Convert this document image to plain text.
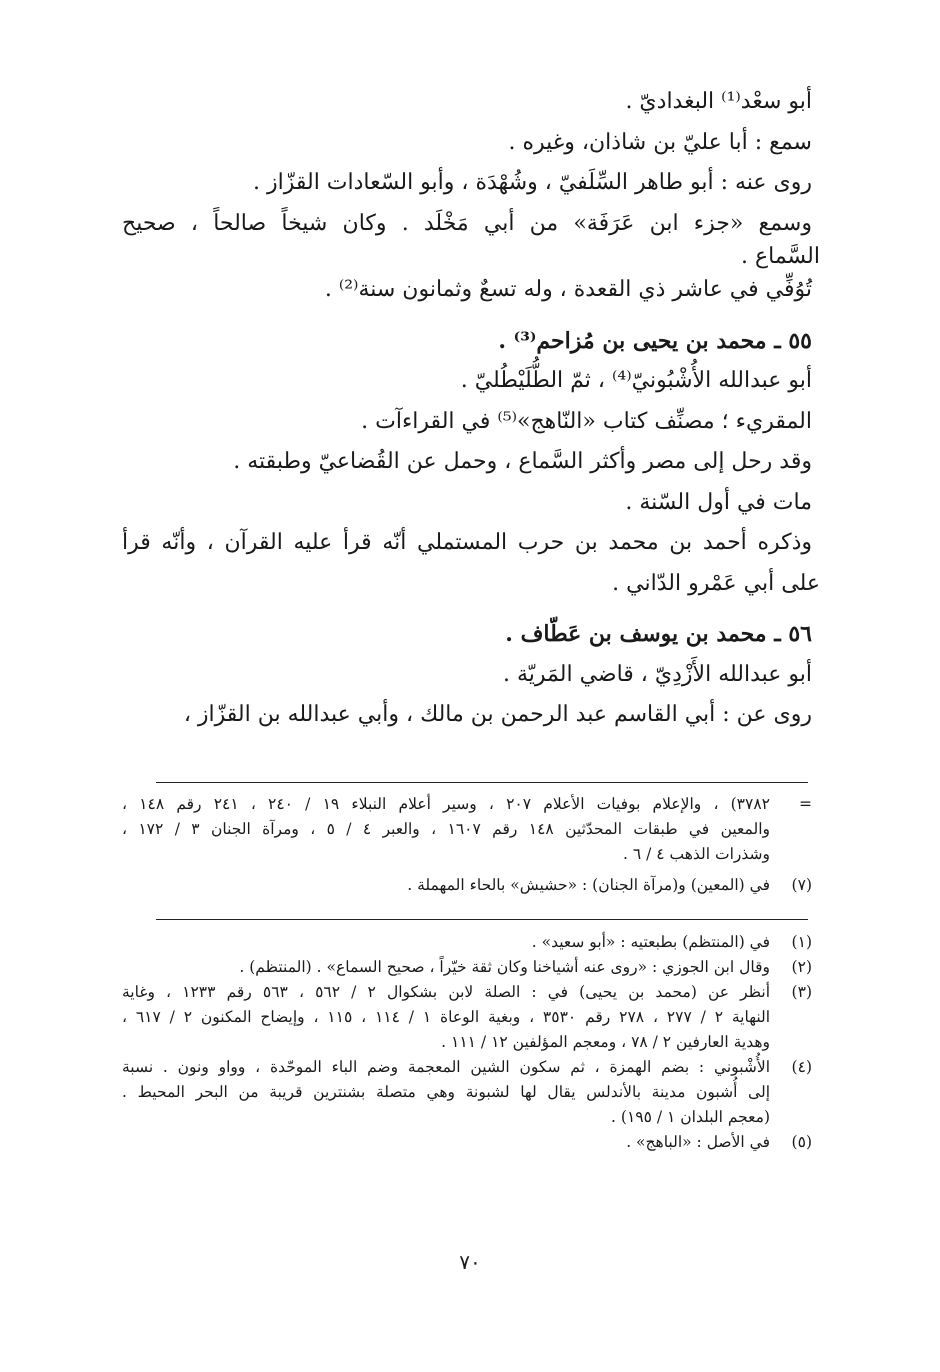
أبو سعْد⁽¹⁾ البغداديّ .
سمع : أبا عليّ بن شاذان، وغيره .
روى عنه : أبو طاهر السِّلَفيّ ، وشُهْدَة ، وأبو السّعادات القزّاز .
وسمع «جزء ابن عَرَفَة» من أبي مَخْلَد . وكان شيخاً صالحاً ، صحيح
السَّماع .
تُوُفِّي في عاشر ذي القعدة ، وله تسعٌ وثمانون سنة⁽²⁾ .
٥٥ ـ محمد بن يحيى بن مُزاحم⁽³⁾ .
أبو عبدالله الأُشْبُونيّ⁽⁴⁾ ، ثمّ الطُّلَيْطُليّ .
المقريء ؛ مصنِّف كتاب «النّاهج»⁽⁵⁾ في القراءآت .
وقد رحل إلى مصر وأكثر السَّماع ، وحمل عن القُضاعيّ وطبقته .
مات في أول السّنة .
وذكره أحمد بن محمد بن حرب المستملي أنّه قرأ عليه القرآن ، وأنّه قرأ
على أبي عَمْرو الدّاني .
٥٦ ـ محمد بن يوسف بن عَطّاف .
أبو عبدالله الأَزْدِيّ ، قاضي المَريّة .
روى عن : أبي القاسم عبد الرحمن بن مالك ، وأبي عبدالله بن القزّاز ،
=
٣٧٨٢) ، والإعلام بوفيات الأعلام ٢٠٧ ، وسير أعلام النبلاء ١٩ / ٢٤٠ ، ٢٤١ رقم ١٤٨ ،
والمعين في طبقات المحدّثين ١٤٨ رقم ١٦٠٧ ، والعبر ٤ / ٥ ، ومرآة الجنان ٣ / ١٧٢ ،
وشذرات الذهب ٤ / ٦ .
(٧)
في (المعين) و(مرآة الجنان) : «حشيش» بالحاء المهملة .
(١)
في (المنتظم) بطبعتيه : «أبو سعيد» .
(٢)
وقال ابن الجوزي : «روى عنه أشياخنا وكان ثقة خيّراً ، صحيح السماع» . (المنتظم) .
(٣)
أنظر عن (محمد بن يحيى) في : الصلة لابن بشكوال ٢ / ٥٦٢ ، ٥٦٣ رقم ١٢٣٣ ، وغاية
النهاية ٢ / ٢٧٧ ، ٢٧٨ رقم ٣٥٣٠ ، وبغية الوعاة ١ / ١١٤ ، ١١٥ ، وإيضاح المكنون ٢ / ٦١٧ ،
وهدية العارفين ٢ / ٧٨ ، ومعجم المؤلفين ١٢ / ١١١ .
(٤)
الأُشْبوني : بضم الهمزة ، ثم سكون الشين المعجمة وضم الباء الموحّدة ، وواو ونون . نسبة
إلى أُشبون مدينة بالأندلس يقال لها لشبونة وهي متصلة بشنترين قريبة من البحر المحيط .
(معجم البلدان ١ / ١٩٥) .
(٥)
في الأصل : «الباهج» .
٧٠
